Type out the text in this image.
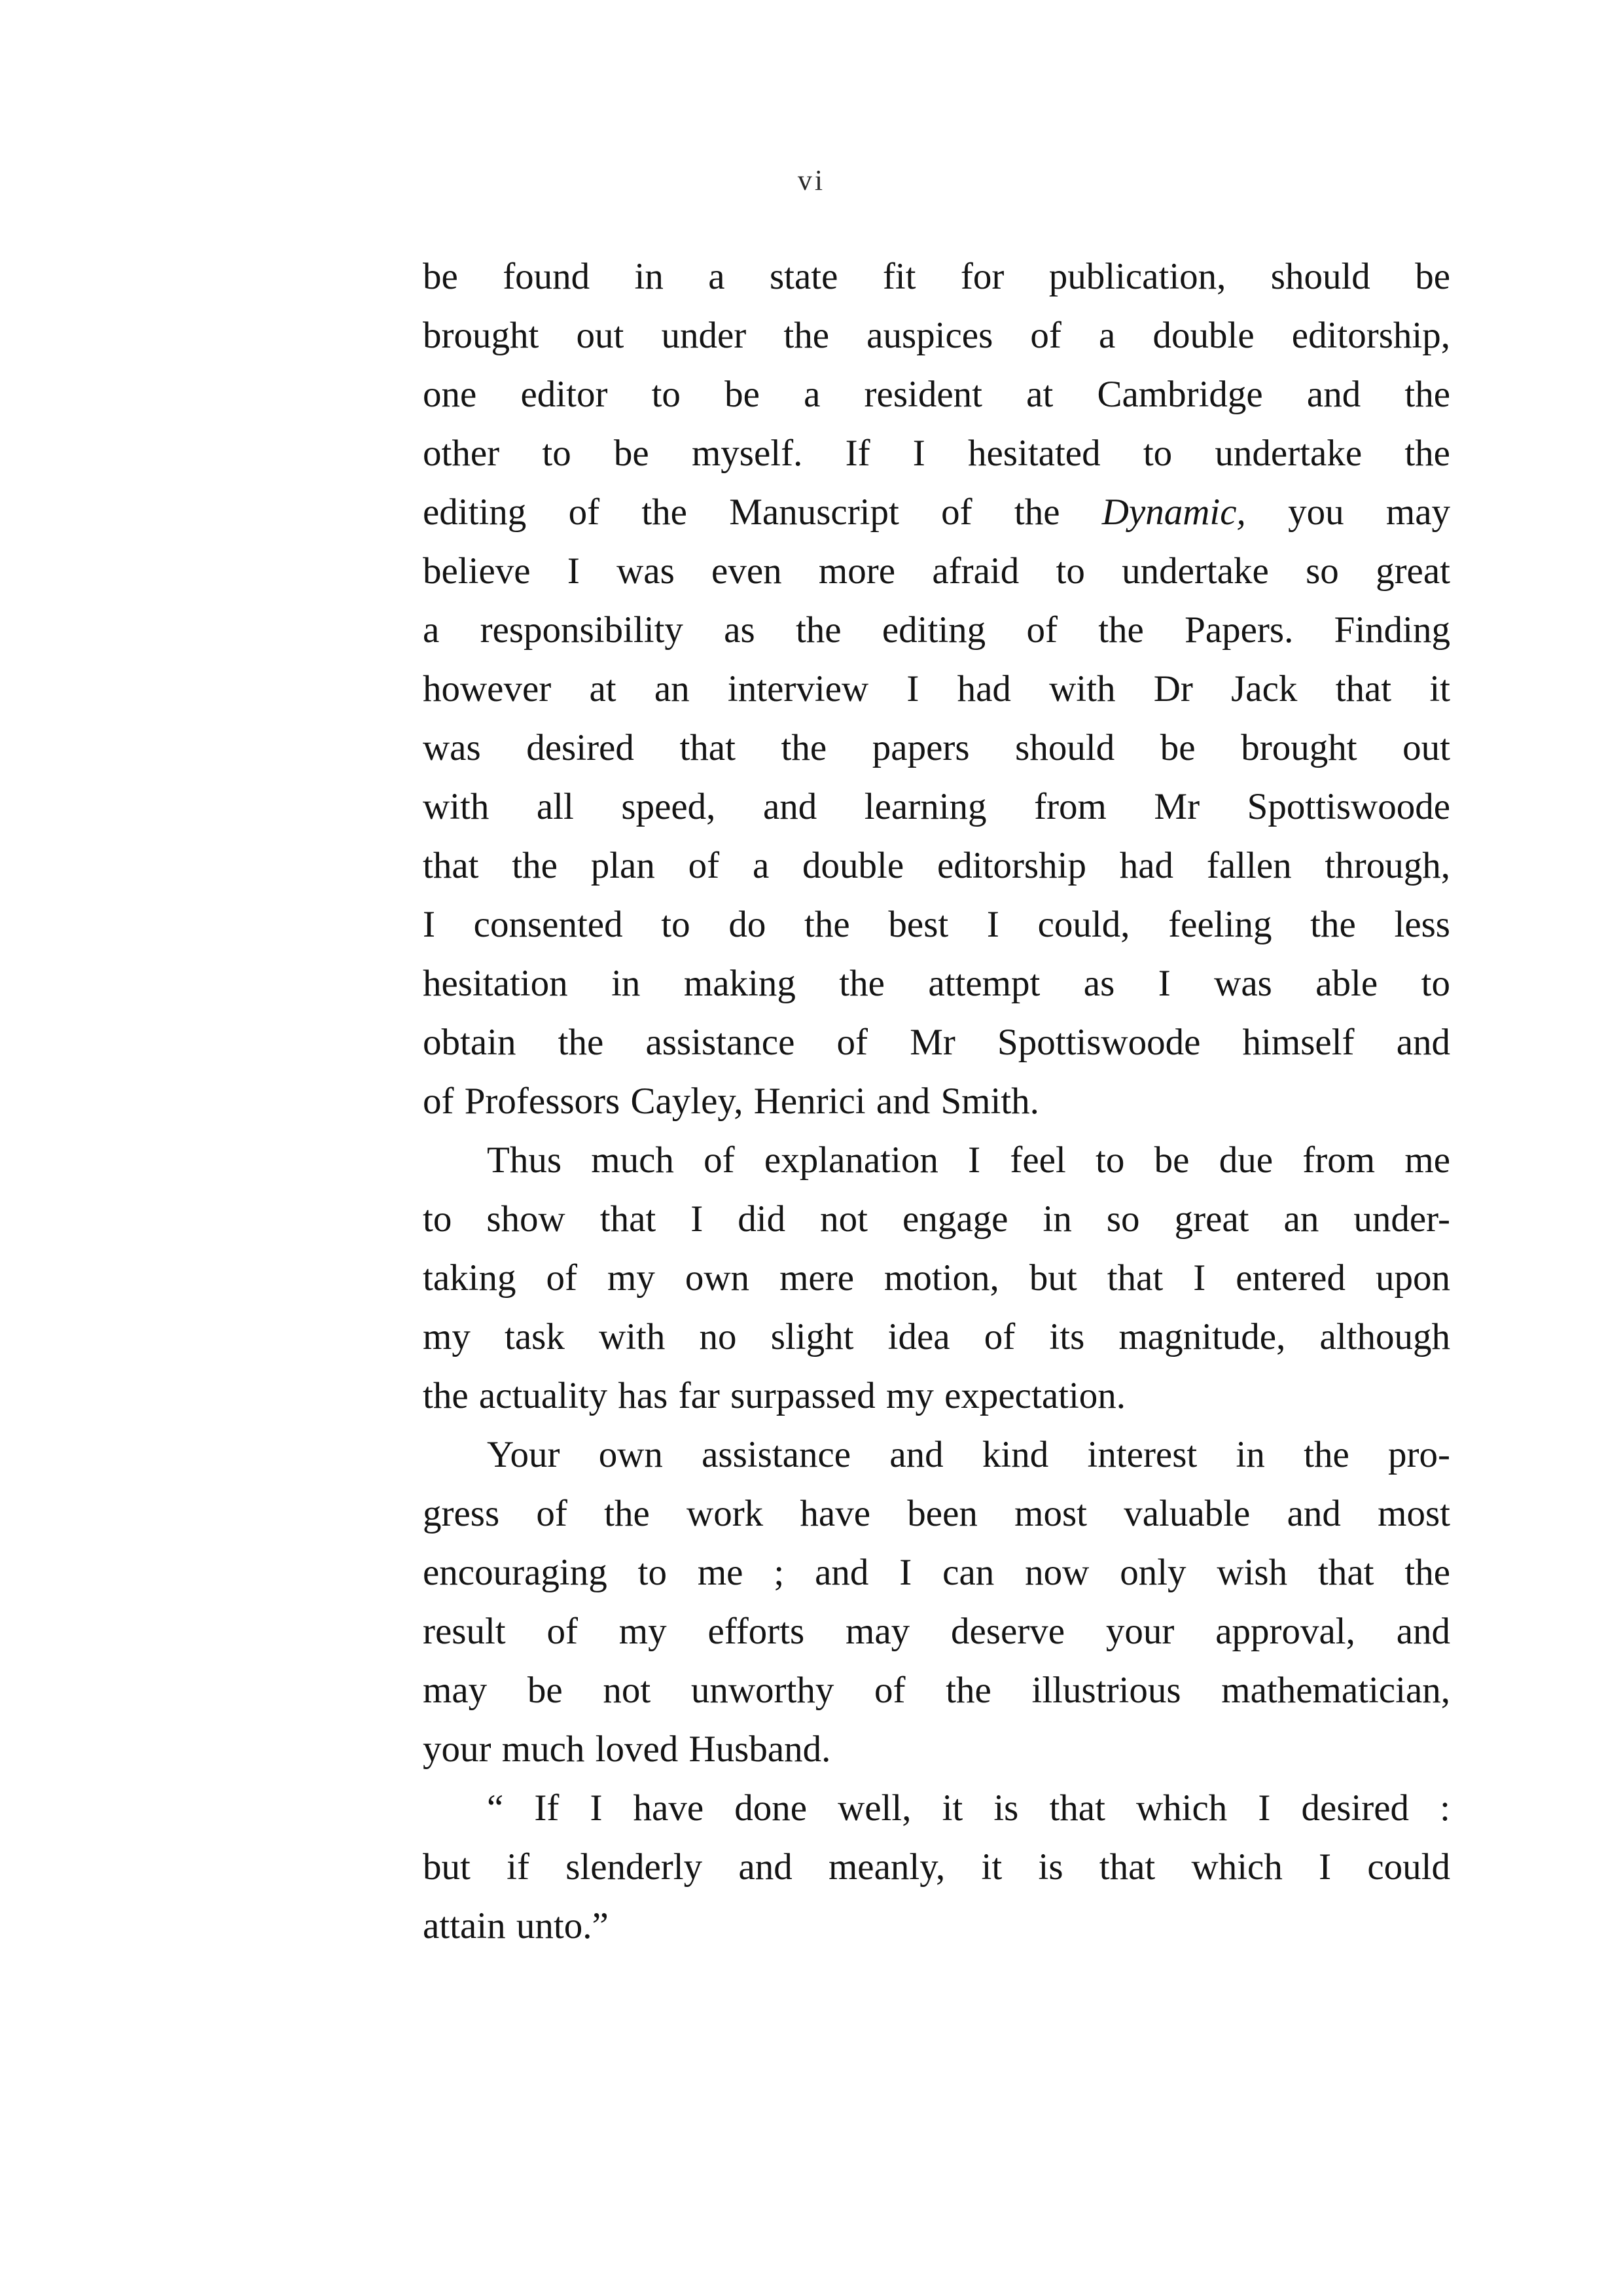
vi
be found in a state fit for publication, should be
brought out under the auspices of a double editorship,
one editor to be a resident at Cambridge and the
other to be myself. If I hesitated to undertake the
editing of the Manuscript of the Dynamic, you may
believe I was even more afraid to undertake so great
a responsibility as the editing of the Papers. Finding
however at an interview I had with Dr Jack that it
was desired that the papers should be brought out
with all speed, and learning from Mr Spottiswoode
that the plan of a double editorship had fallen through,
I consented to do the best I could, feeling the less
hesitation in making the attempt as I was able to
obtain the assistance of Mr Spottiswoode himself and
of Professors Cayley, Henrici and Smith.
Thus much of explanation I feel to be due from me
to show that I did not engage in so great an under-
taking of my own mere motion, but that I entered upon
my task with no slight idea of its magnitude, although
the actuality has far surpassed my expectation.
Your own assistance and kind interest in the pro-
gress of the work have been most valuable and most
encouraging to me ; and I can now only wish that the
result of my efforts may deserve your approval, and
may be not unworthy of the illustrious mathematician,
your much loved Husband.
“ If I have done well, it is that which I desired :
but if slenderly and meanly, it is that which I could
attain unto.”
